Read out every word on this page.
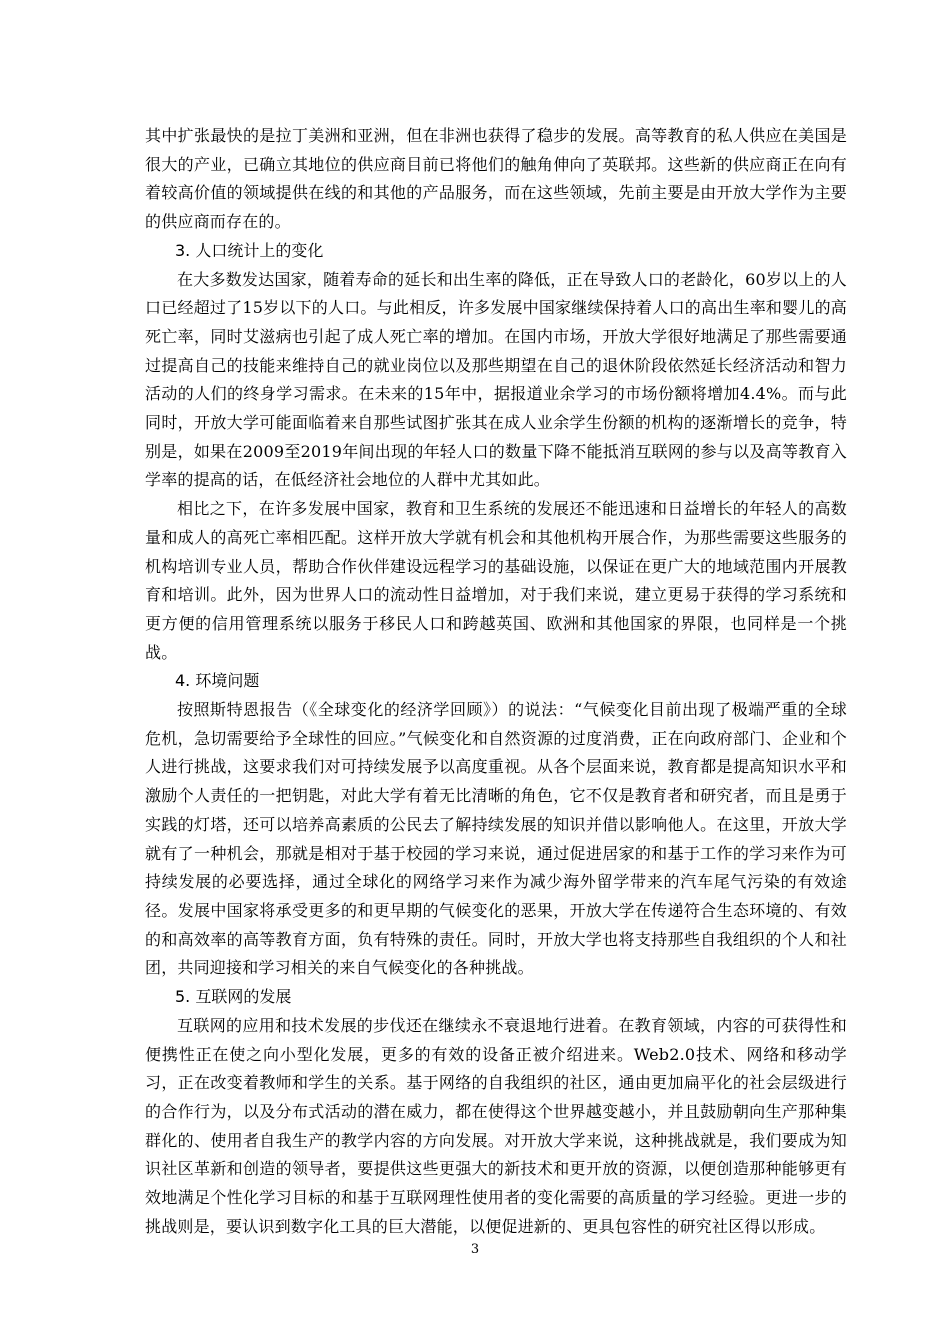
其中扩张最快的是拉丁美洲和亚洲，但在非洲也获得了稳步的发展。高等教育的私人供应在美国是很大的产业，已确立其地位的供应商目前已将他们的触角伸向了英联邦。这些新的供应商正在向有着较高价值的领域提供在线的和其他的产品服务，而在这些领域，先前主要是由开放大学作为主要的供应商而存在的。

3. 人口统计上的变化

在大多数发达国家，随着寿命的延长和出生率的降低，正在导致人口的老龄化，60岁以上的人口已经超过了15岁以下的人口。与此相反，许多发展中国家继续保持着人口的高出生率和婴儿的高死亡率，同时艾滋病也引起了成人死亡率的增加。在国内市场，开放大学很好地满足了那些需要通过提高自己的技能来维持自己的就业岗位以及那些期望在自己的退休阶段依然延长经济活动和智力活动的人们的终身学习需求。在未来的15年中，据报道业余学习的市场份额将增加4.4%。而与此同时，开放大学可能面临着来自那些试图扩张其在成人业余学生份额的机构的逐渐增长的竞争，特别是，如果在2009至2019年间出现的年轻人口的数量下降不能抵消互联网的参与以及高等教育入学率的提高的话，在低经济社会地位的人群中尤其如此。

相比之下，在许多发展中国家，教育和卫生系统的发展还不能迅速和日益增长的年轻人的高数量和成人的高死亡率相匹配。这样开放大学就有机会和其他机构开展合作，为那些需要这些服务的机构培训专业人员，帮助合作伙伴建设远程学习的基础设施，以保证在更广大的地域范围内开展教育和培训。此外，因为世界人口的流动性日益增加，对于我们来说，建立更易于获得的学习系统和更方便的信用管理系统以服务于移民人口和跨越英国、欧洲和其他国家的界限，也同样是一个挑战。

4. 环境问题

按照斯特恩报告（《全球变化的经济学回顾》）的说法：“气候变化目前出现了极端严重的全球危机，急切需要给予全球性的回应。”气候变化和自然资源的过度消费，正在向政府部门、企业和个人进行挑战，这要求我们对可持续发展予以高度重视。从各个层面来说，教育都是提高知识水平和激励个人责任的一把钥匙，对此大学有着无比清晰的角色，它不仅是教育者和研究者，而且是勇于实践的灯塔，还可以培养高素质的公民去了解持续发展的知识并借以影响他人。在这里，开放大学就有了一种机会，那就是相对于基于校园的学习来说，通过促进居家的和基于工作的学习来作为可持续发展的必要选择，通过全球化的网络学习来作为减少海外留学带来的汽车尾气污染的有效途径。发展中国家将承受更多的和更早期的气候变化的恶果，开放大学在传递符合生态环境的、有效的和高效率的高等教育方面，负有特殊的责任。同时，开放大学也将支持那些自我组织的个人和社团，共同迎接和学习相关的来自气候变化的各种挑战。

5. 互联网的发展

互联网的应用和技术发展的步伐还在继续永不衰退地行进着。在教育领域，内容的可获得性和便携性正在使之向小型化发展，更多的有效的设备正被介绍进来。Web2.0技术、网络和移动学习，正在改变着教师和学生的关系。基于网络的自我组织的社区，通由更加扁平化的社会层级进行的合作行为，以及分布式活动的潜在威力，都在使得这个世界越变越小，并且鼓励朝向生产那种集群化的、使用者自我生产的教学内容的方向发展。对开放大学来说，这种挑战就是，我们要成为知识社区革新和创造的领导者，要提供这些更强大的新技术和更开放的资源，以便创造那种能够更有效地满足个性化学习目标的和基于互联网理性使用者的变化需要的高质量的学习经验。更进一步的挑战则是，要认识到数字化工具的巨大潜能，以便促进新的、更具包容性的研究社区得以形成。

3
